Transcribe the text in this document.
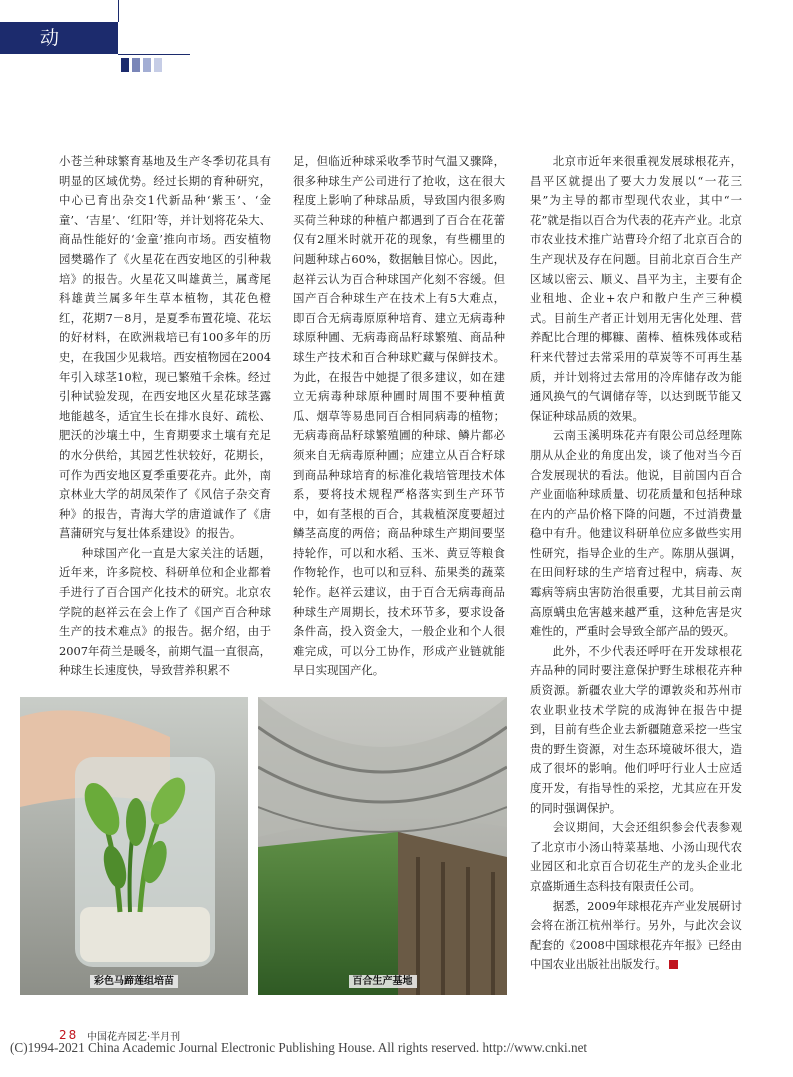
动 态

小苍兰种球繁育基地及生产冬季切花具有明显的区域优势。经过长期的育种研究，中心已育出杂交1代新品种‘紫玉’、‘金童’、‘吉星’、‘红阳’等，并计划将花朵大、商品性能好的‘金童’推向市场。西安植物园樊璐作了《火星花在西安地区的引种栽培》的报告。火星花又叫雄黄兰，属鸢尾科雄黄兰属多年生草本植物，其花色橙红，花期7－8月，是夏季布置花境、花坛的好材料，在欧洲栽培已有100多年的历史，在我国少见栽培。西安植物园在2004年引入球茎10粒，现已繁殖千余株。经过引种试验发现，在西安地区火星花球茎露地能越冬，适宜生长在排水良好、疏松、肥沃的沙壤土中，生育期要求土壤有充足的水分供给，其园艺性状较好，花期长，可作为西安地区夏季重要花卉。此外，南京林业大学的胡凤荣作了《风信子杂交育种》的报告，青海大学的唐道诚作了《唐菖蒲研究与复壮体系建设》的报告。

种球国产化一直是大家关注的话题，近年来，许多院校、科研单位和企业都着手进行了百合国产化技术的研究。北京农学院的赵祥云在会上作了《国产百合种球生产的技术难点》的报告。据介绍，由于2007年荷兰是暖冬，前期气温一直很高，种球生长速度快，导致营养积累不

足，但临近种球采收季节时气温又骤降，很多种球生产公司进行了抢收，这在很大程度上影响了种球品质，导致国内很多购买荷兰种球的种植户都遇到了百合在花蕾仅有2厘米时就开花的现象，有些棚里的问题种球占60%，数据触目惊心。因此，赵祥云认为百合种球国产化刻不容缓。但国产百合种球生产在技术上有5大难点，即百合无病毒原原种培育、建立无病毒种球原种圃、无病毒商品籽球繁殖、商品种球生产技术和百合种球贮藏与保鲜技术。为此，在报告中她提了很多建议，如在建立无病毒种球原种圃时周围不要种植黄瓜、烟草等易患同百合相同病毒的植物；无病毒商品籽球繁殖圃的种球、鳞片都必须来自无病毒原种圃；应建立从百合籽球到商品种球培育的标准化栽培管理技术体系，要将技术规程严格落实到生产环节中，如有茎根的百合，其栽植深度要超过鳞茎高度的两倍；商品种球生产期间要坚持轮作，可以和水稻、玉米、黄豆等粮食作物轮作，也可以和豆科、茄果类的蔬菜轮作。赵祥云建议，由于百合无病毒商品种球生产周期长，技术环节多，要求设备条件高，投入资金大，一般企业和个人很难完成，可以分工协作，形成产业链就能早日实现国产化。

北京市近年来很重视发展球根花卉，昌平区就提出了要大力发展以“一花三果”为主导的都市型现代农业，其中“一花”就是指以百合为代表的花卉产业。北京市农业技术推广站曹玲介绍了北京百合的生产现状及存在问题。目前北京百合生产区域以密云、顺义、昌平为主，主要有企业租地、企业+农户和散户生产三种模式。目前生产者正计划用无害化处理、营养配比合理的椰糠、菌棒、植株残体或秸秆来代替过去常采用的草炭等不可再生基质，并计划将过去常用的冷库储存改为能通风换气的气调储存等，以达到既节能又保证种球品质的效果。

云南玉溪明珠花卉有限公司总经理陈朋从从企业的角度出发，谈了他对当今百合发展现状的看法。他说，目前国内百合产业面临种球质量、切花质量和包括种球在内的产品价格下降的问题，不过消费量稳中有升。他建议科研单位应多做些实用性研究，指导企业的生产。陈朋从强调，在田间籽球的生产培育过程中，病毒、灰霉病等病虫害防治很重要，尤其目前云南高原螨虫危害越来越严重，这种危害是灾难性的，严重时会导致全部产品的毁灭。

此外，不少代表还呼吁在开发球根花卉品种的同时要注意保护野生球根花卉种质资源。新疆农业大学的谭敦炎和苏州市农业职业技术学院的成海钟在报告中提到，目前有些企业去新疆随意采挖一些宝贵的野生资源，对生态环境破坏很大，造成了很坏的影响。他们呼吁行业人士应适度开发，有指导性的采挖，尤其应在开发的同时强调保护。

会议期间，大会还组织参会代表参观了北京市小汤山特菜基地、小汤山现代农业园区和北京百合切花生产的龙头企业北京盛斯通生态科技有限责任公司。

据悉，2009年球根花卉产业发展研讨会将在浙江杭州举行。另外，与此次会议配套的《2008中国球根花卉年报》已经由中国农业出版社出版发行。

彩色马蹄莲组培苗	百合生产基地
28 中国花卉园艺·半月刊
(C)1994-2021 China Academic Journal Electronic Publishing House. All rights reserved. http://www.cnki.net
